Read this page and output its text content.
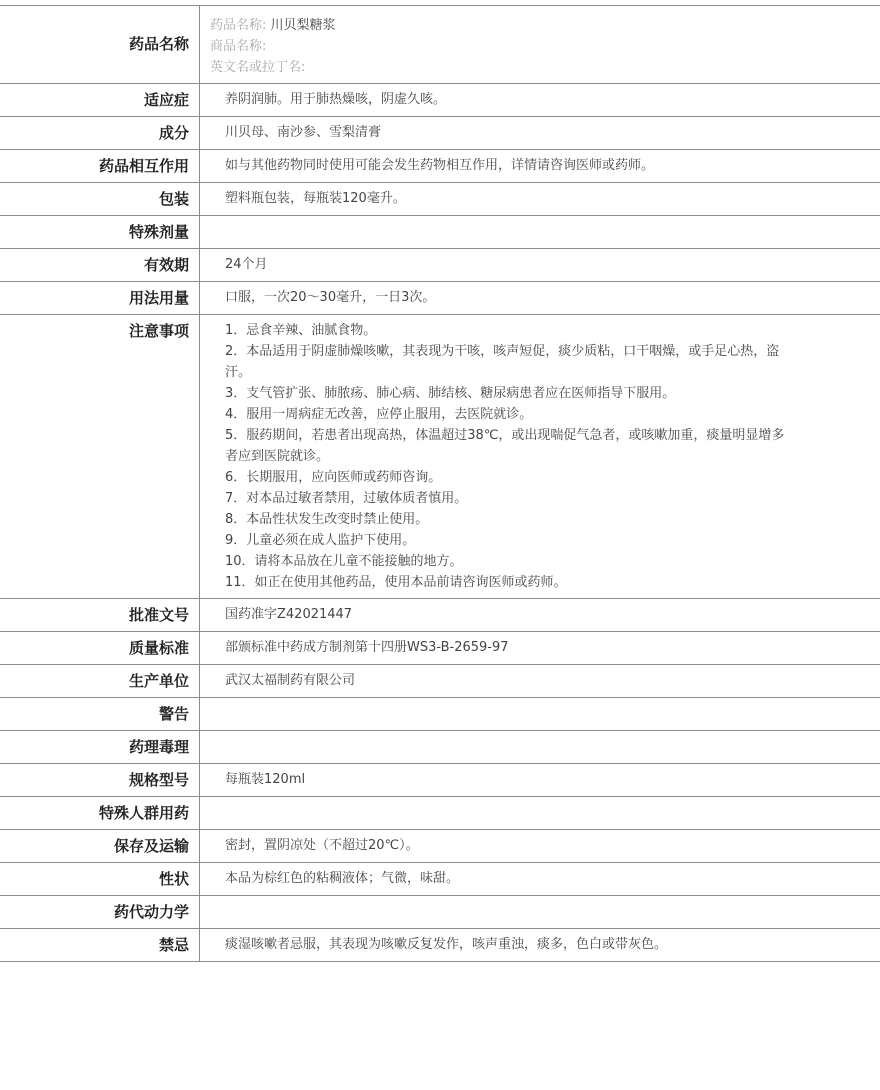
药品名称
药品名称: 川贝梨糖浆
商品名称:
英文名或拉丁名:
适应症	养阴润肺。用于肺热燥咳，阴虚久咳。
成分	川贝母、南沙参、雪梨清膏
药品相互作用	如与其他药物同时使用可能会发生药物相互作用，详情请咨询医师或药师。
包装	塑料瓶包装，每瓶装120毫升。
特殊剂量
有效期	24个月
用法用量	口服，一次20～30毫升，一日3次。
注意事项	1．忌食辛辣、油腻食物。
2．本品适用于阴虚肺燥咳嗽，其表现为干咳，咳声短促，痰少质粘，口干咽燥，或手足心热，盗汗。
3．支气管扩张、肺脓疡、肺心病、肺结核、糖尿病患者应在医师指导下服用。
4．服用一周病症无改善，应停止服用，去医院就诊。
5．服药期间，若患者出现高热，体温超过38℃，或出现喘促气急者，或咳嗽加重，痰量明显增多者应到医院就诊。
6．长期服用，应向医师或药师咨询。
7．对本品过敏者禁用，过敏体质者慎用。
8．本品性状发生改变时禁止使用。
9．儿童必须在成人监护下使用。
10．请将本品放在儿童不能接触的地方。
11．如正在使用其他药品，使用本品前请咨询医师或药师。
批准文号	国药准字Z42021447
质量标准	部颁标准中药成方制剂第十四册WS3-B-2659-97
生产单位	武汉太福制药有限公司
警告
药理毒理
规格型号	每瓶装120ml
特殊人群用药
保存及运输	密封，置阴凉处（不超过20℃）。
性状	本品为棕红色的粘稠液体；气微，味甜。
药代动力学
禁忌	痰湿咳嗽者忌服，其表现为咳嗽反复发作，咳声重浊，痰多，色白或带灰色。
